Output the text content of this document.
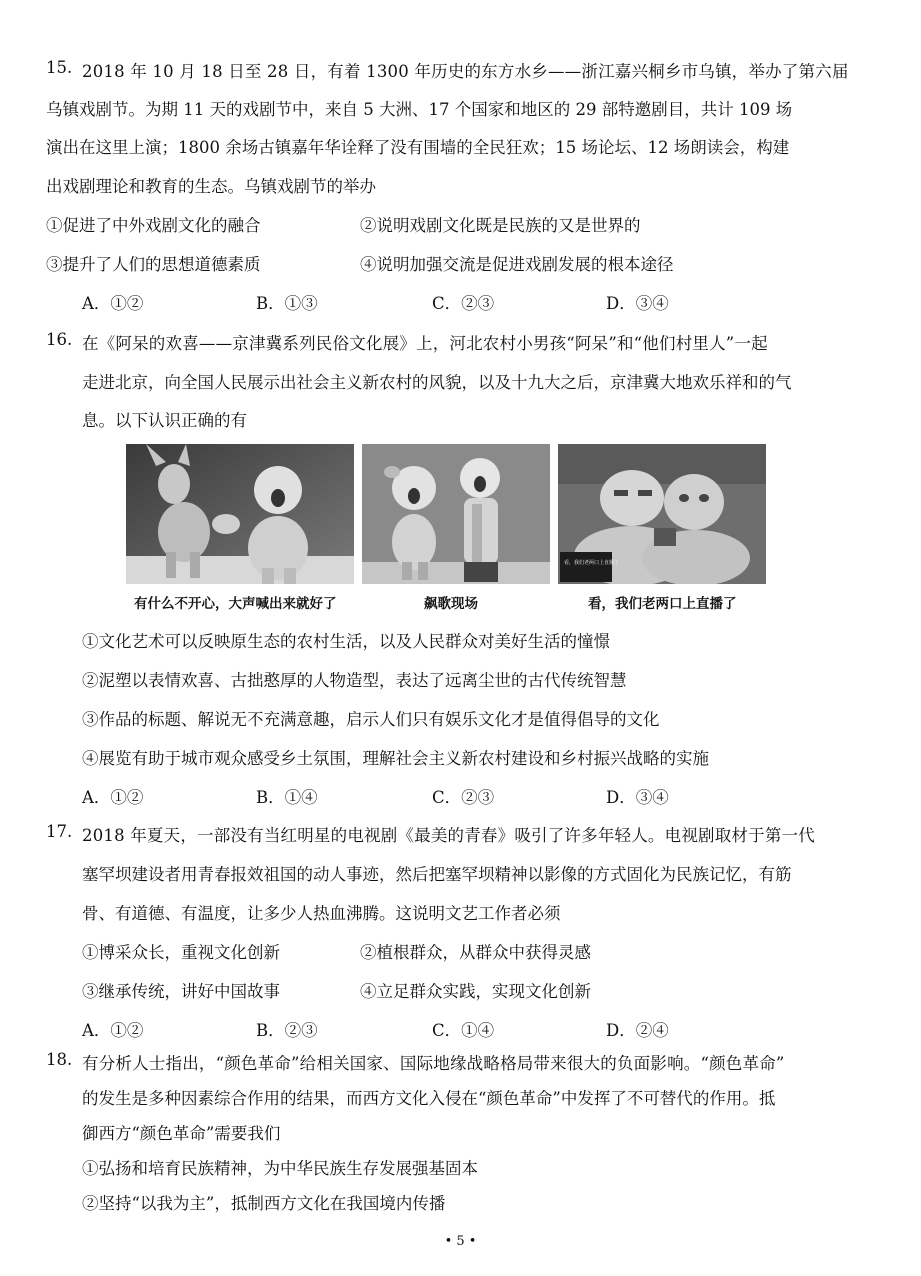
15. 2018 年 10 月 18 日至 28 日，有着 1300 年历史的东方水乡——浙江嘉兴桐乡市乌镇，举办了第六届
乌镇戏剧节。为期 11 天的戏剧节中，来自 5 大洲、17 个国家和地区的 29 部特邀剧目，共计 109 场
演出在这里上演；1800 余场古镇嘉年华诠释了没有围墙的全民狂欢；15 场论坛、12 场朗读会，构建
出戏剧理论和教育的生态。乌镇戏剧节的举办
①促进了中外戏剧文化的融合	②说明戏剧文化既是民族的又是世界的
③提升了人们的思想道德素质	④说明加强交流是促进戏剧发展的根本途径
A．①②	B．①③	C．②③	D．③④
16. 在《阿呆的欢喜——京津冀系列民俗文化展》上，河北农村小男孩“阿呆”和“他们村里人”一起
走进北京，向全国人民展示出社会主义新农村的风貌，以及十九大之后，京津冀大地欢乐祥和的气
息。以下认识正确的有
有什么不开心，大声喊出来就好了	飙歌现场
看，我们老两口上直播了
看，我们老两口上直播了
①文化艺术可以反映原生态的农村生活，以及人民群众对美好生活的憧憬
②泥塑以表情欢喜、古拙憨厚的人物造型，表达了远离尘世的古代传统智慧
③作品的标题、解说无不充满意趣，启示人们只有娱乐文化才是值得倡导的文化
④展览有助于城市观众感受乡土氛围，理解社会主义新农村建设和乡村振兴战略的实施
A．①②	B．①④	C．②③	D．③④
17. 2018 年夏天，一部没有当红明星的电视剧《最美的青春》吸引了许多年轻人。电视剧取材于第一代
塞罕坝建设者用青春报效祖国的动人事迹，然后把塞罕坝精神以影像的方式固化为民族记忆，有筋
骨、有道德、有温度，让多少人热血沸腾。这说明文艺工作者必须
①博采众长，重视文化创新	②植根群众，从群众中获得灵感
③继承传统，讲好中国故事	④立足群众实践，实现文化创新
A．①②	B．②③	C．①④	D．②④
18. 有分析人士指出，“颜色革命”给相关国家、国际地缘战略格局带来很大的负面影响。“颜色革命”
的发生是多种因素综合作用的结果，而西方文化入侵在“颜色革命”中发挥了不可替代的作用。抵
御西方“颜色革命”需要我们
①弘扬和培育民族精神，为中华民族生存发展强基固本
②坚持“以我为主”，抵制西方文化在我国境内传播
• 5 •
